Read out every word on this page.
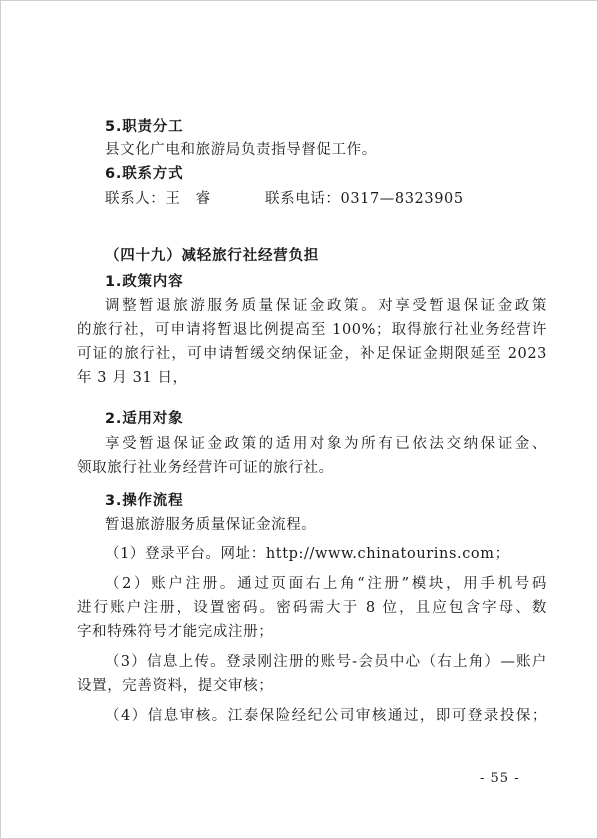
5.职责分工
县文化广电和旅游局负责指导督促工作。
6.联系方式
联系人：王　睿	联系电话：0317—8323905
（四十九）减轻旅行社经营负担
1.政策内容
调整暂退旅游服务质量保证金政策。对享受暂退保证金政策
的旅行社，可申请将暂退比例提高至 100%；取得旅行社业务经营许
可证的旅行社，可申请暂缓交纳保证金，补足保证金期限延至 2023
年 3 月 31 日，
2.适用对象
享受暂退保证金政策的适用对象为所有已依法交纳保证金、
领取旅行社业务经营许可证的旅行社。
3.操作流程
暂退旅游服务质量保证金流程。
（1）登录平台。网址：http://www.chinatourins.com；
（2）账户注册。通过页面右上角“注册”模块，用手机号码
进行账户注册，设置密码。密码需大于 8 位，且应包含字母、数
字和特殊符号才能完成注册；
（3）信息上传。登录刚注册的账号-会员中心（右上角）—账户
设置，完善资料，提交审核；
（4）信息审核。江泰保险经纪公司审核通过，即可登录投保；
- 55 -
